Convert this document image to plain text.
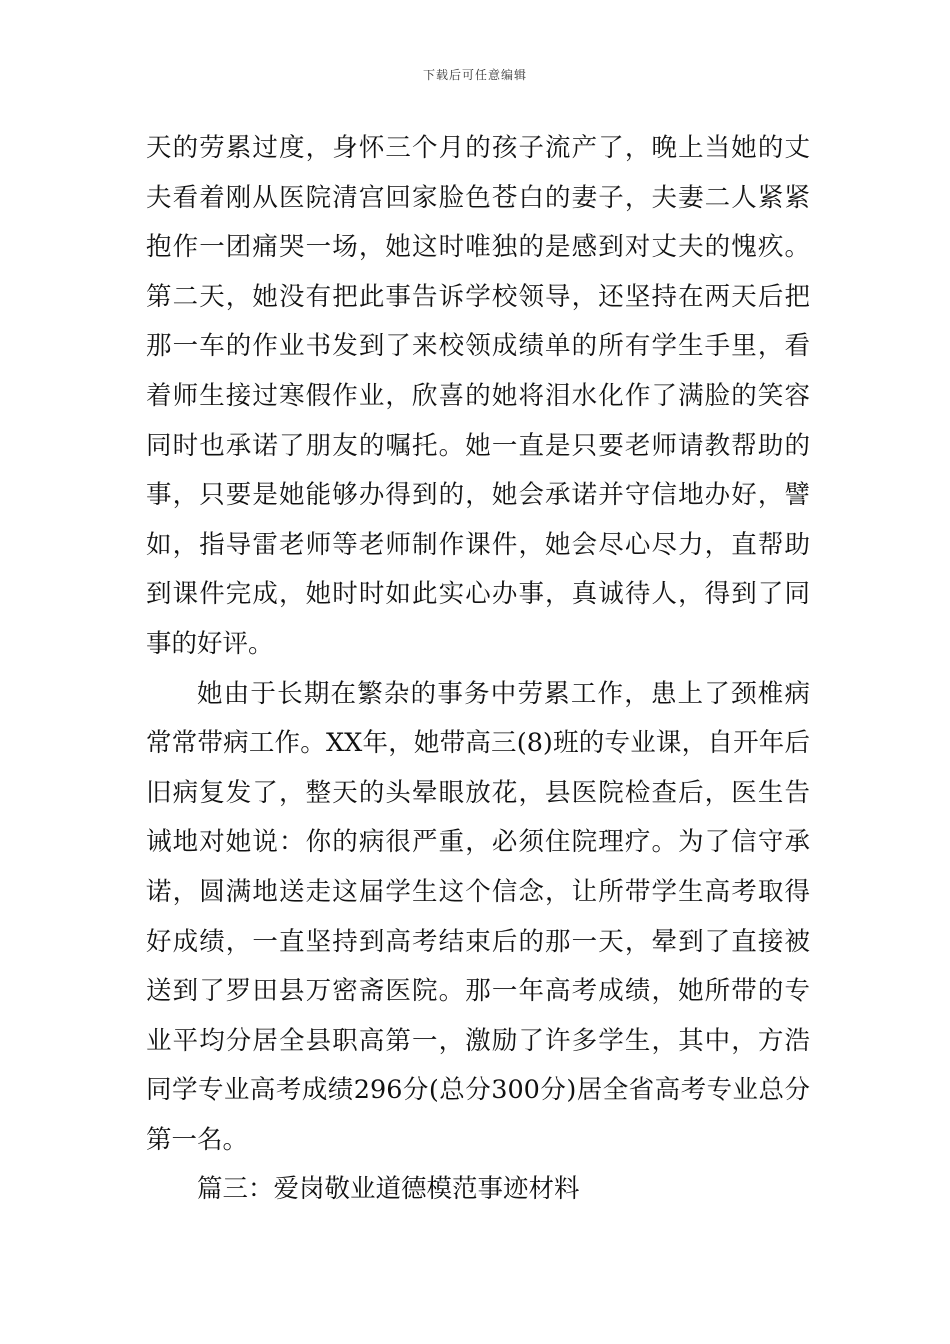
下载后可任意编辑
天的劳累过度，身怀三个月的孩子流产了，晚上当她的丈
夫看着刚从医院清宫回家脸色苍白的妻子，夫妻二人紧紧
抱作一团痛哭一场，她这时唯独的是感到对丈夫的愧疚。
第二天，她没有把此事告诉学校领导，还坚持在两天后把
那一车的作业书发到了来校领成绩单的所有学生手里，看
着师生接过寒假作业，欣喜的她将泪水化作了满脸的笑容
同时也承诺了朋友的嘱托。她一直是只要老师请教帮助的
事，只要是她能够办得到的，她会承诺并守信地办好，譬
如，指导雷老师等老师制作课件，她会尽心尽力，直帮助
到课件完成，她时时如此实心办事，真诚待人，得到了同
事的好评。
她由于长期在繁杂的事务中劳累工作，患上了颈椎病
常常带病工作。XX年，她带高三(8)班的专业课，自开年后
旧病复发了，整天的头晕眼放花，县医院检查后，医生告
诫地对她说：你的病很严重，必须住院理疗。为了信守承
诺，圆满地送走这届学生这个信念，让所带学生高考取得
好成绩，一直坚持到高考结束后的那一天，晕到了直接被
送到了罗田县万密斋医院。那一年高考成绩，她所带的专
业平均分居全县职高第一，激励了许多学生，其中，方浩
同学专业高考成绩296分(总分300分)居全省高考专业总分
第一名。
篇三：爱岗敬业道德模范事迹材料
